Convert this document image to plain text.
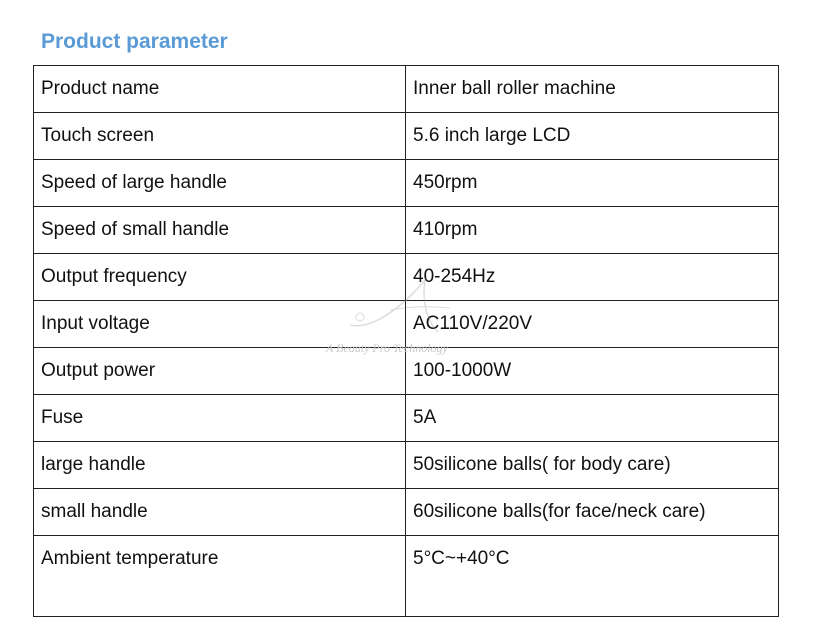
Product parameter
Product name	Inner ball roller machine
Touch screen	5.6 inch large LCD
Speed of large handle	450rpm
Speed of small handle	410rpm
Output frequency	40-254Hz
Input voltage	AC110V/220V
Output power	100-1000W
Fuse	5A
large handle	50silicone balls( for body care)
small handle	60silicone balls(for face/neck care)
Ambient temperature	5°C~+40°C
A Beauty Pro Technology
